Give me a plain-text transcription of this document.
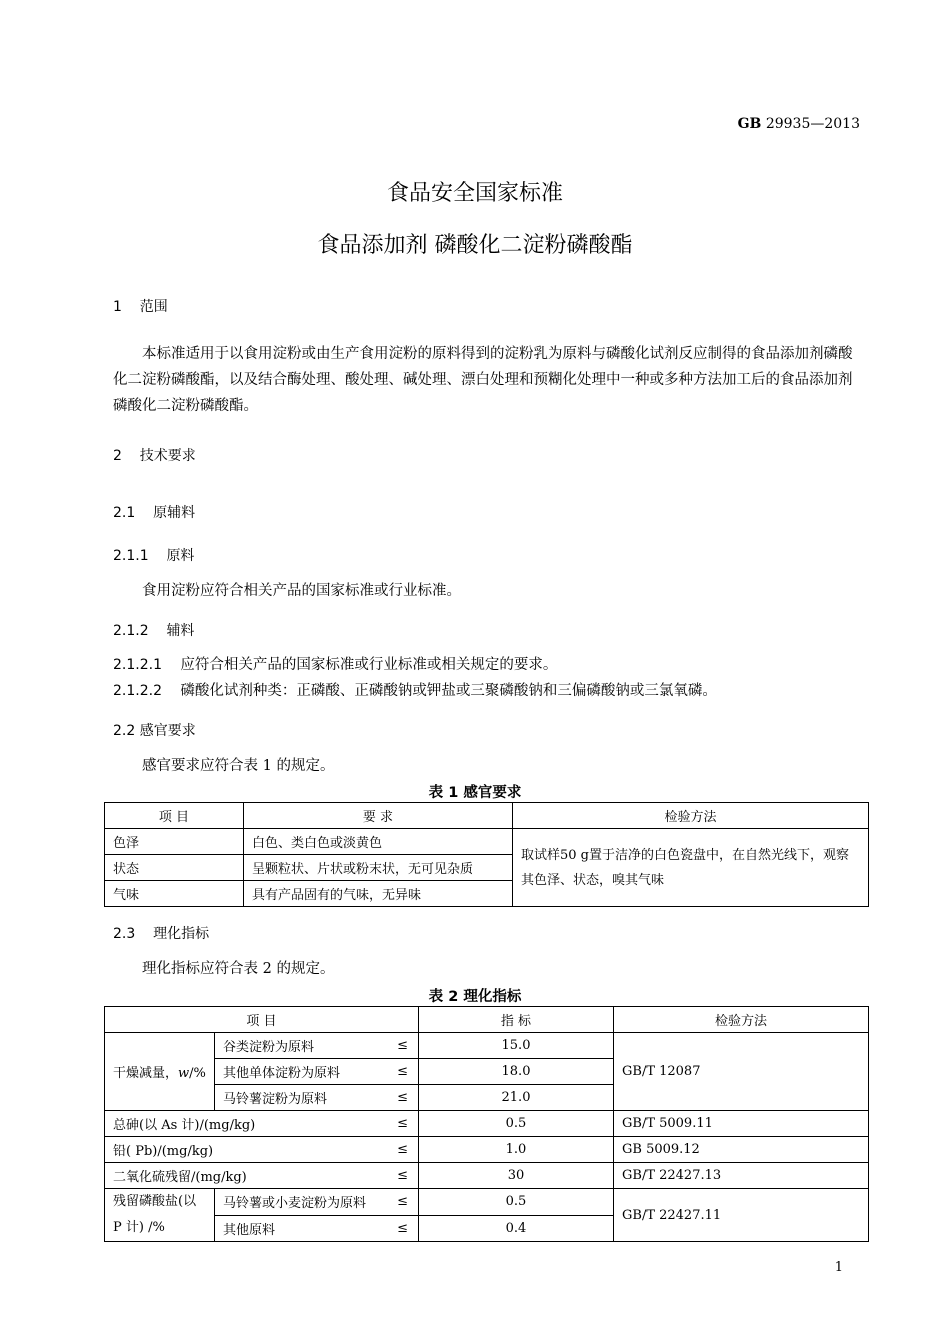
GB 29935—2013
食品安全国家标准
食品添加剂 磷酸化二淀粉磷酸酯
1 范围
本标准适用于以食用淀粉或由生产食用淀粉的原料得到的淀粉乳为原料与磷酸化试剂反应制得的食品添加剂磷酸化二淀粉磷酸酯，以及结合酶处理、酸处理、碱处理、漂白处理和预糊化处理中一种或多种方法加工后的食品添加剂磷酸化二淀粉磷酸酯。
2 技术要求
2.1 原辅料
2.1.1 原料
食用淀粉应符合相关产品的国家标准或行业标准。
2.1.2 辅料
2.1.2.1 应符合相关产品的国家标准或行业标准或相关规定的要求。
2.1.2.2 磷酸化试剂种类：正磷酸、正磷酸钠或钾盐或三聚磷酸钠和三偏磷酸钠或三氯氧磷。
2.2 感官要求
感官要求应符合表 1 的规定。
表 1 感官要求
项 目	要 求	检验方法
色泽	白色、类白色或淡黄色	取试样50 g置于洁净的白色瓷盘中，在自然光线下，观察其色泽、状态，嗅其气味
状态	呈颗粒状、片状或粉末状，无可见杂质	
气味	具有产品固有的气味，无异味	
2.3 理化指标
理化指标应符合表 2 的规定。
表 2 理化指标
项 目			指 标	检验方法
干燥减量，w/%	谷类淀粉为原料	≤	15.0	GB/T 12087
	其他单体淀粉为原料	≤	18.0	
	马铃薯淀粉为原料	≤	21.0	
总砷(以 As 计)/(mg/kg)		≤	0.5	GB/T 5009.11
铅( Pb)/(mg/kg)		≤	1.0	GB 5009.12
二氧化硫残留/(mg/kg)		≤	30	GB/T 22427.13
残留磷酸盐(以 P 计) /%	马铃薯或小麦淀粉为原料	≤	0.5	GB/T 22427.11
	其他原料	≤	0.4	
1
